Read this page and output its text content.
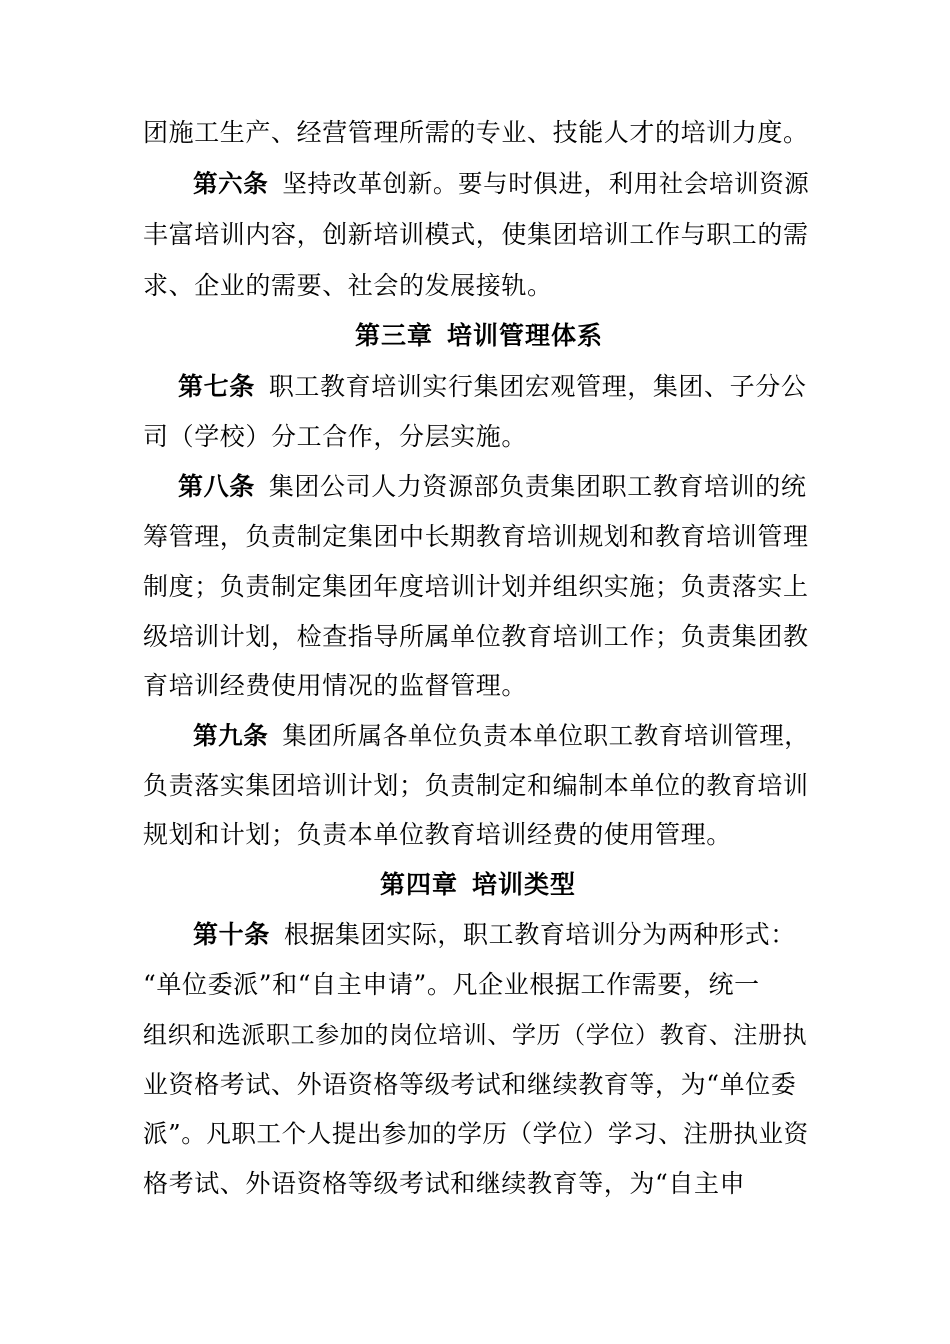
团施工生产、经营管理所需的专业、技能人才的培训力度。
第六条 坚持改革创新。要与时俱进，利用社会培训资源
丰富培训内容，创新培训模式，使集团培训工作与职工的需
求、企业的需要、社会的发展接轨。
第三章 培训管理体系
第七条 职工教育培训实行集团宏观管理，集团、子分公
司（学校）分工合作，分层实施。
第八条 集团公司人力资源部负责集团职工教育培训的统
筹管理，负责制定集团中长期教育培训规划和教育培训管理
制度；负责制定集团年度培训计划并组织实施；负责落实上
级培训计划，检查指导所属单位教育培训工作；负责集团教
育培训经费使用情况的监督管理。
第九条 集团所属各单位负责本单位职工教育培训管理，
负责落实集团培训计划；负责制定和编制本单位的教育培训
规划和计划；负责本单位教育培训经费的使用管理。
第四章 培训类型
第十条 根据集团实际，职工教育培训分为两种形式：
“单位委派”和“自主申请”。凡企业根据工作需要，统一
组织和选派职工参加的岗位培训、学历（学位）教育、注册执
业资格考试、外语资格等级考试和继续教育等，为“单位委
派”。凡职工个人提出参加的学历（学位）学习、注册执业资
格考试、外语资格等级考试和继续教育等，为“自主申
